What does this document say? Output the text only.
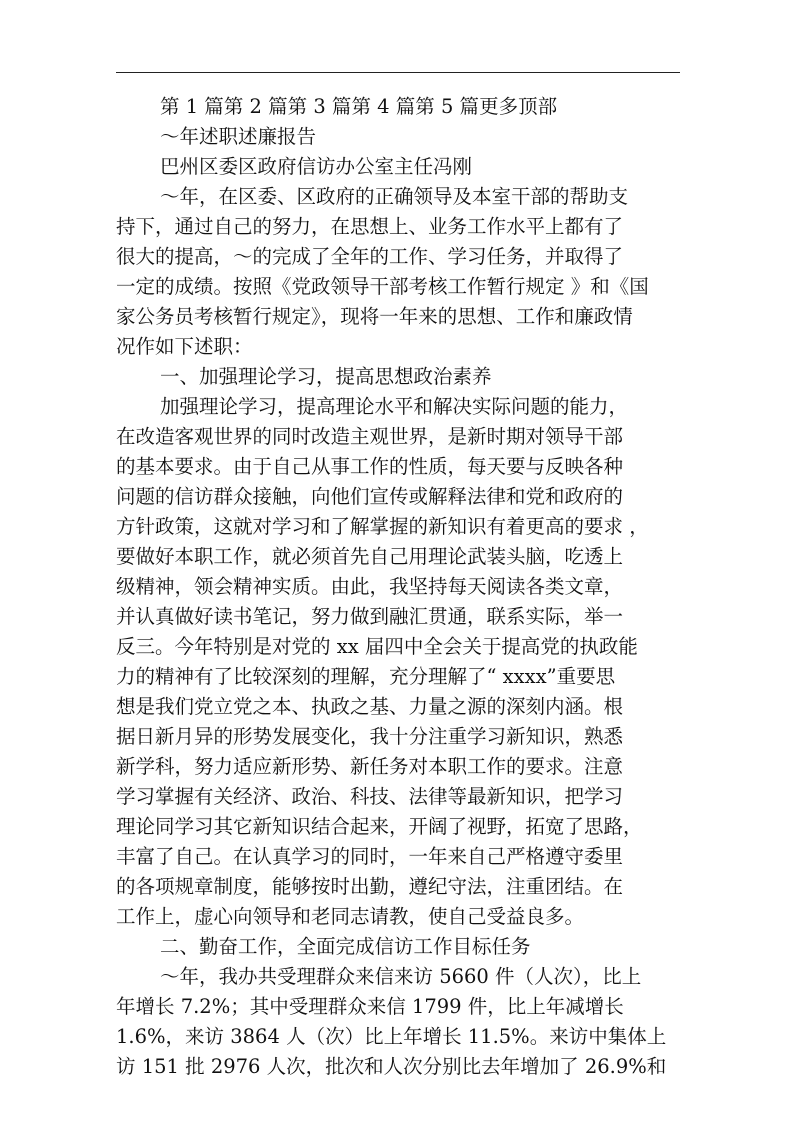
第 1 篇第 2 篇第 3 篇第 4 篇第 5 篇更多顶部
～年述职述廉报告
巴州区委区政府信访办公室主任冯刚
～年，在区委、区政府的正确领导及本室干部的帮助支
持下，通过自己的努力，在思想上、业务工作水平上都有了
很大的提高，～的完成了全年的工作、学习任务，并取得了
一定的成绩。按照《党政领导干部考核工作暂行规定 》和《国
家公务员考核暂行规定》，现将一年来的思想、工作和廉政情
况作如下述职：
一、加强理论学习，提高思想政治素养
加强理论学习，提高理论水平和解决实际问题的能力，
在改造客观世界的同时改造主观世界，是新时期对领导干部
的基本要求。由于自己从事工作的性质，每天要与反映各种
问题的信访群众接触，向他们宣传或解释法律和党和政府的
方针政策，这就对学习和了解掌握的新知识有着更高的要求 ，
要做好本职工作，就必须首先自己用理论武装头脑，吃透上
级精神，领会精神实质。由此，我坚持每天阅读各类文章，
并认真做好读书笔记，努力做到融汇贯通，联系实际，举一
反三。今年特别是对党的 xx 届四中全会关于提高党的执政能
力的精神有了比较深刻的理解，充分理解了“ xxxx”重要思
想是我们党立党之本、执政之基、力量之源的深刻内涵。根
据日新月异的形势发展变化，我十分注重学习新知识，熟悉
新学科，努力适应新形势、新任务对本职工作的要求。注意
学习掌握有关经济、政治、科技、法律等最新知识，把学习
理论同学习其它新知识结合起来，开阔了视野，拓宽了思路，
丰富了自己。在认真学习的同时，一年来自己严格遵守委里
的各项规章制度，能够按时出勤，遵纪守法，注重团结。在
工作上，虚心向领导和老同志请教，使自己受益良多。
二、勤奋工作，全面完成信访工作目标任务
～年，我办共受理群众来信来访 5660 件（人次），比上
年增长 7.2%；其中受理群众来信 1799 件，比上年减增长
1.6%，来访 3864 人（次）比上年增长 11.5%。来访中集体上
访 151 批 2976 人次，批次和人次分别比去年增加了 26.9%和
